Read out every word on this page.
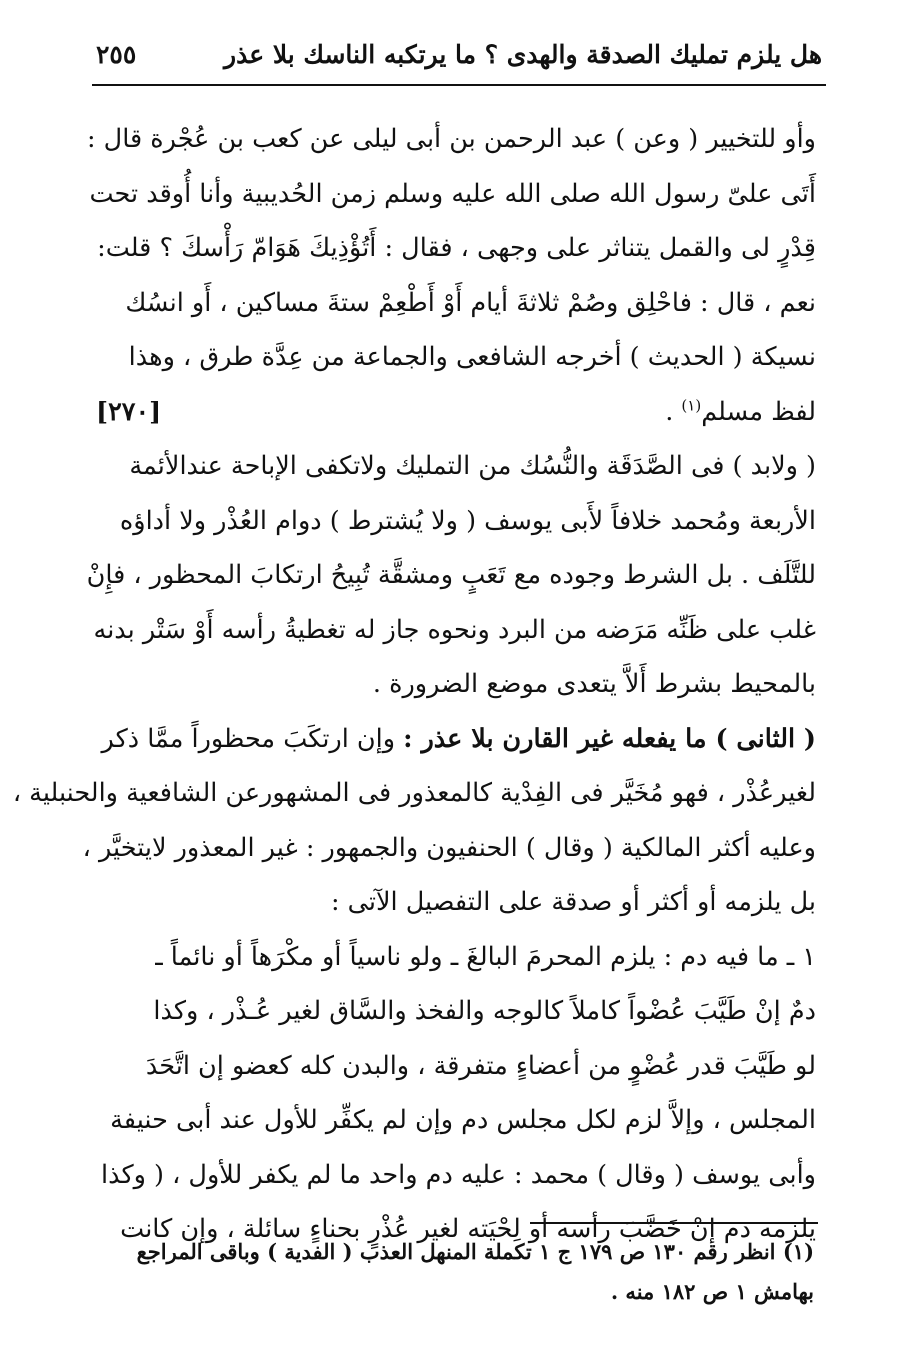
هل يلزم تمليك الصدقة والهدى ؟ ما يرتكبه الناسك بلا عذر
٢٥٥
وأو للتخيير ( وعن ) عبد الرحمن بن أبى ليلى عن كعب بن عُجْرة قال :
أَتَى علىّ رسول الله صلى الله عليه وسلم زمن الحُديبية وأنا أُوقد تحت
قِدْرٍ لى والقمل يتناثر على وجهى ، فقال : أَتُؤْذِيكَ هَوَامّ رَأْسكَ ؟ قلت:
نعم ، قال : فاحْلِق وصُمْ ثلاثةَ أيام أَوْ أَطْعِمْ ستةَ مساكين ، أَو انسُك
نسيكة ( الحديث ) أخرجه الشافعى والجماعة من عِدَّة طرق ، وهذا
لفظ مسلم$^{(١)}$ .
[٢٧٠]
( ولابد ) فى الصَّدَقَة والنُّسُك من التمليك ولاتكفى الإباحة عندالأئمة
الأربعة ومُحمد خلافاً لأَبى يوسف ( ولا يُشترط ) دوام العُذْر ولا أداؤه
للتَّلَف . بل الشرط وجوده مع تَعَبٍ ومشقَّة تُبِيحُ ارتكابَ المحظور ، فإِنْ
غلب على ظَنِّه مَرَضه من البرد ونحوه جاز له تغطيةُ رأسه أَوْ سَتْر بدنه
بالمحيط بشرط أَلاَّ يتعدى موضع الضرورة .
( الثانى ) ما يفعله غير القارن بلا عذر : وإن ارتكَبَ محظوراً ممَّا ذكر
لغيرعُذْر ، فهو مُخَيَّر فى الفِدْية كالمعذور فى المشهورعن الشافعية والحنبلية ،
وعليه أكثر المالكية ( وقال ) الحنفيون والجمهور : غير المعذور لايتخيَّر ،
بل يلزمه أو أكثر أو صدقة على التفصيل الآتى :
١ ـ ما فيه دم : يلزم المحرمَ البالغَ ـ ولو ناسياً أو مكْرَهاً أو نائماً ـ
دمٌ إنْ طَيَّبَ عُضْواً كاملاً كالوجه والفخذ والسَّاق لغير عُـذْر ، وكذا
لو طَيَّبَ قدر عُضْوٍ من أعضاءٍ متفرقة ، والبدن كله كعضو إن اتَّحَدَ
المجلس ، وإلاَّ لزم لكل مجلس دم وإن لم يكفِّر للأول عند أبى حنيفة
وأبى يوسف ( وقال ) محمد : عليه دم واحد ما لم يكفر للأول ، ( وكذا
يلزمه دم إنْ خَضَّبَ رأسه أو لِحْيَته لغير عُذْرٍ بحناءٍ سائلة ، وإن كانت
(١) انظر رقم ١٣٠ ص ١٧٩ ج ١ تكملة المنهل العذب ( الفدية ) وباقى المراجع
بهامش ١ ص ١٨٢ منه .
